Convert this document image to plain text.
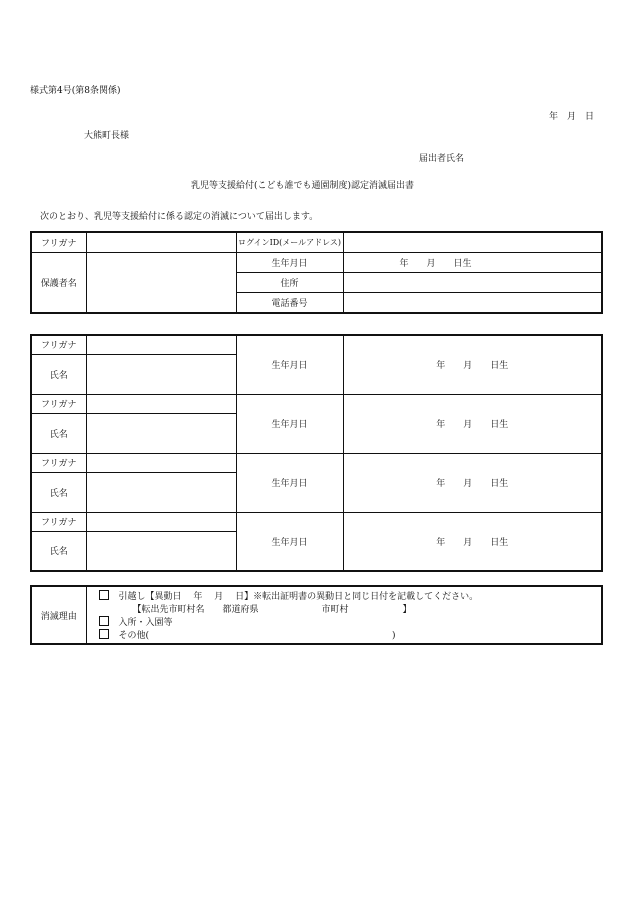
様式第4号(第8条関係)
年　月　日
大熊町長様
届出者氏名
乳児等支援給付(こども誰でも通園制度)認定消滅届出書
次のとおり、乳児等支援給付に係る認定の消滅について届出します。
フリガナ		ログインID(メールアドレス)	
保護者名		生年月日	年　　月　　日生
		住所	
		電話番号	
フリガナ		生年月日	年　　月　　日生
氏名			
フリガナ		生年月日	年　　月　　日生
氏名			
フリガナ		生年月日	年　　月　　日生
氏名			
フリガナ		生年月日	年　　月　　日生
氏名			
消滅理由	
引越し【異動日　 年　 月　 日】※転出証明書の異動日と同じ日付を記載してください。
【転出先市町村名　　都道府県　　　　　　　市町村　　　　　　】
入所・入園等
その他(　　　　　　　　　　　　　　　　　　　　　　　　　　　)
